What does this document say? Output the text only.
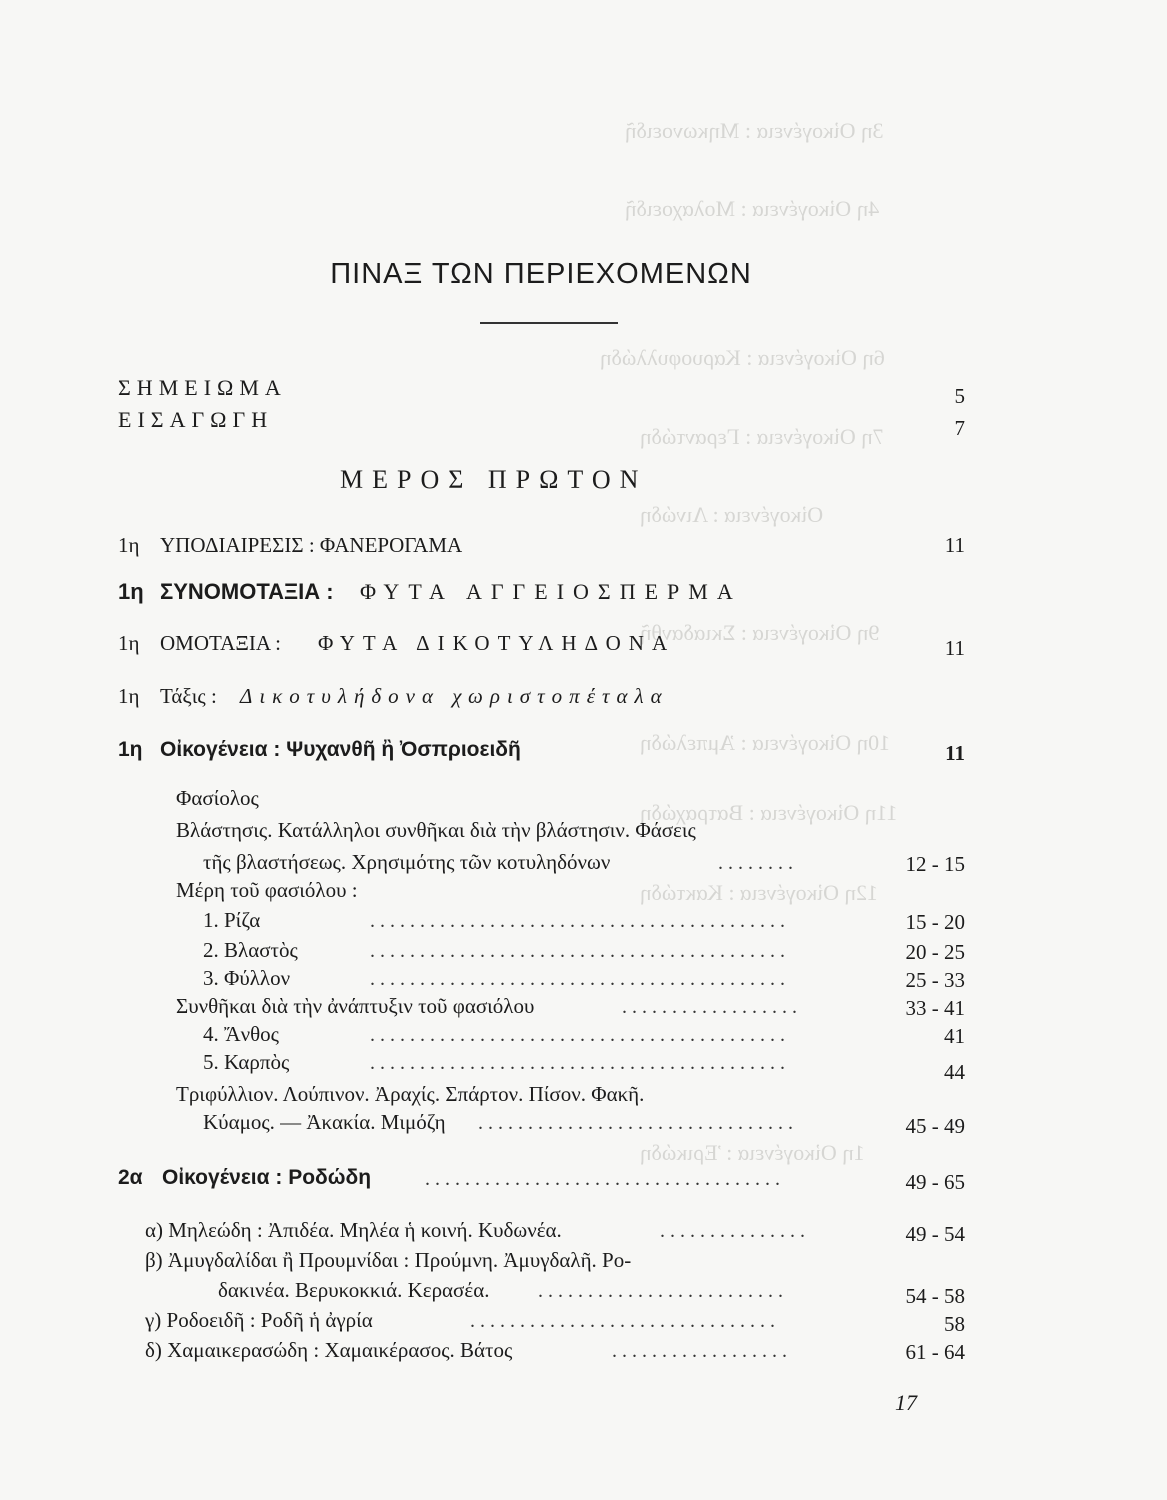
3η Οἰκογένεια : Μηκωνοειδῆ
4η Οἰκογένεια : Μολαχοειδῆ
6η Οἰκογένεια : Καρυοφυλλώδη
7η Οἰκογένεια : Γεραντώδη
Οἰκογένεια : Λινώδη
9η Οἰκογένεια : Σκιαδανθῆ
10η Οἰκογένεια : Ἀμπελώδη
11η Οἰκογένεια : Βατραχώδη
12η Οἰκογένεια : Κακτώδη
1η Οἰκογένεια : Ἐρικώδη
ΠΙΝΑΞ ΤΩΝ ΠΕΡΙΕΧΟΜΕΝΩΝ
ΣΗΜΕΙΩΜΑ	5
ΕΙΣΑΓΩΓΗ	7
ΜΕΡΟΣ ΠΡΩΤΟΝ
1η ΥΠΟΔΙΑΙΡΕΣΙΣ : ΦΑΝΕΡΟΓΑΜΑ	11
1η ΣΥΝΟΜΟΤΑΞΙΑ : ΦΥΤΑ ΑΓΓΕΙΟΣΠΕΡΜΑ
1η ΟΜΟΤΑΞΙΑ : ΦΥΤΑ ΔΙΚΟΤΥΛΗΔΟΝΑ	11
1η Τάξις : Δικοτυλήδονα χωριστοπέταλα
1η Οἰκογένεια : Ψυχανθῆ ἢ Ὀσπριοειδῆ	11
Φασίολος
Βλάστησις. Κατάλληλοι συνθῆκαι διὰ τὴν βλάστησιν. Φάσεις
τῆς βλαστήσεως. Χρησιμότης τῶν κοτυληδόνων	........	12 - 15
Μέρη τοῦ φασιόλου :
1. Ρίζα	..........................................	15 - 20
2. Βλαστὸς	..........................................	20 - 25
3. Φύλλον	..........................................	25 - 33
Συνθῆκαι διὰ τὴν ἀνάπτυξιν τοῦ φασιόλου	..................	33 - 41
4. Ἄνθος	..........................................	41
5. Καρπὸς	..........................................	44
Τριφύλλιον. Λούπινον. Ἀραχίς. Σπάρτον. Πίσον. Φακῆ.
Κύαμος. — Ἀκακία. Μιμόζη ................................	45 - 49
2α Οἰκογένεια : Ροδώδη	....................................	49 - 65
α) Μηλεώδη : Ἀπιδέα. Μηλέα ἡ κοινή. Κυδωνέα.	...............	49 - 54
β) Ἀμυγδαλίδαι ἢ Προυμνίδαι : Προύμνη. Ἀμυγδαλῆ. Ρο-
δακινέα. Βερυκοκκιά. Κερασέα. .........................	54 - 58
γ) Ροδοειδῆ : Ροδῆ ἡ ἀγρία	...............................	58
δ) Χαμαικερασώδη : Χαμαικέρασος. Βάτος	..................	61 - 64
17
